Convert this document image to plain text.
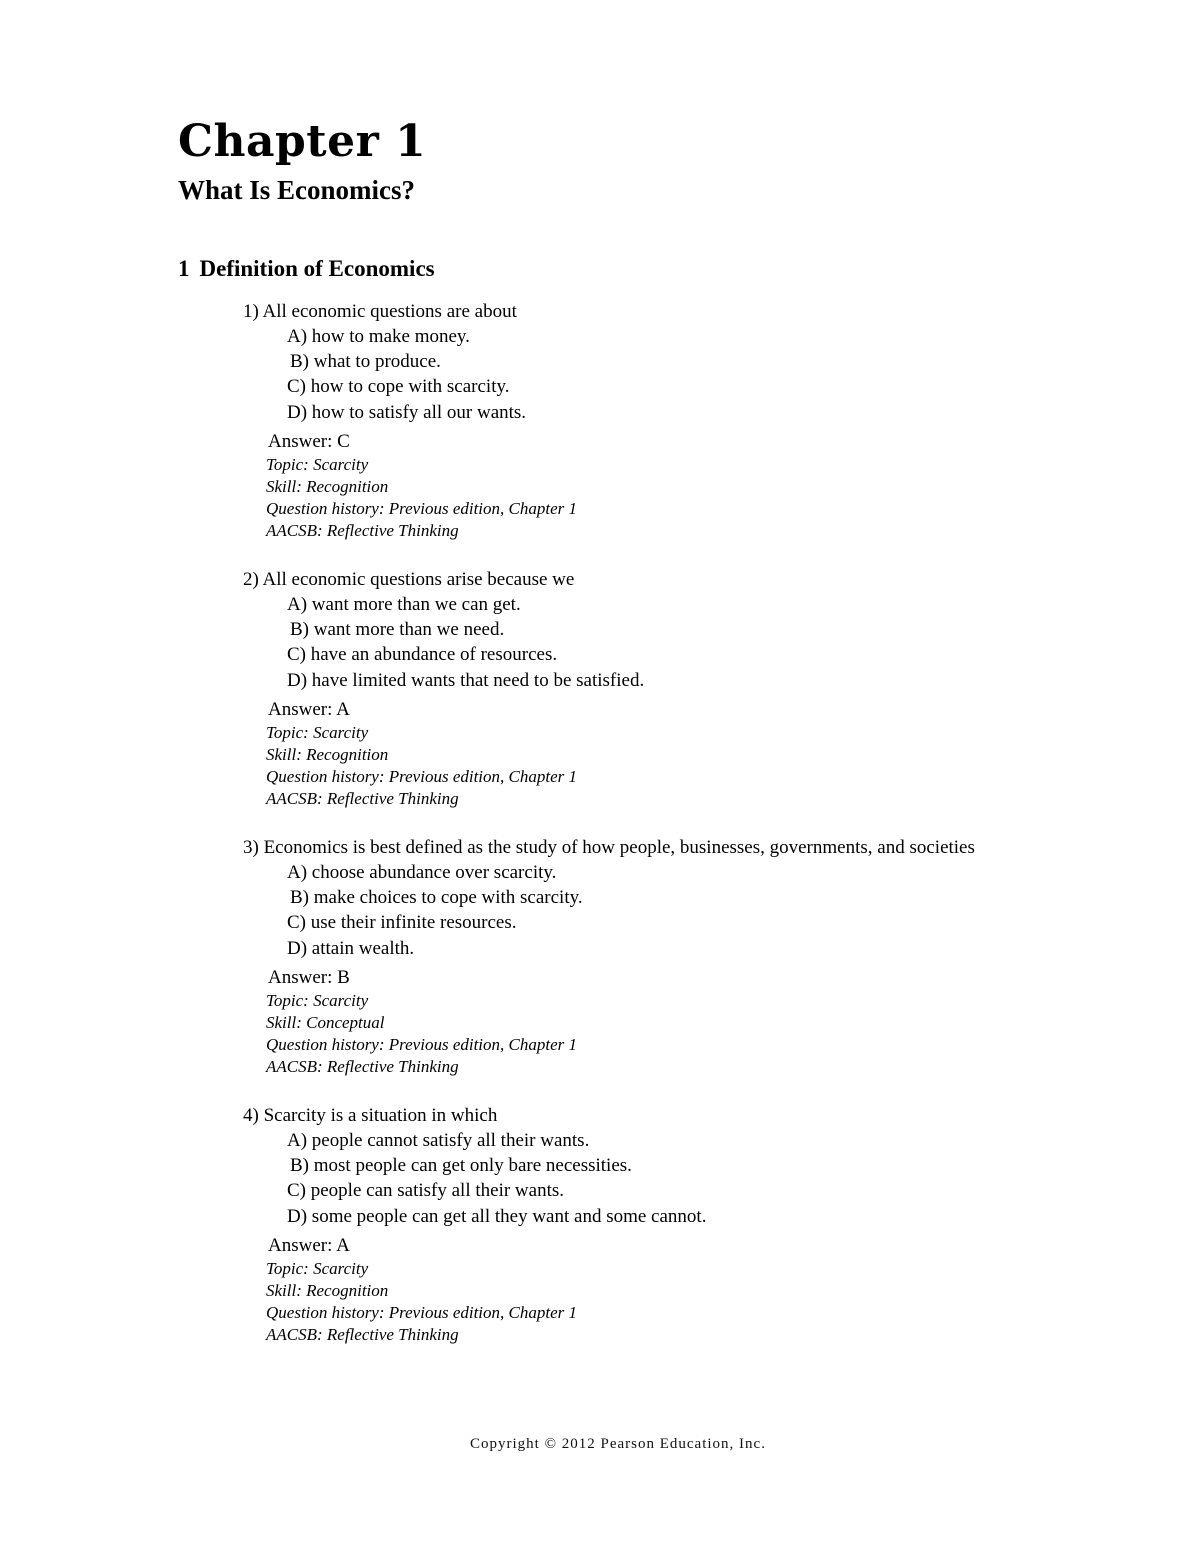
Chapter 1
What Is Economics?
1 Definition of Economics
1) All economic questions are about
A) how to make money.
B) what to produce.
C) how to cope with scarcity.
D) how to satisfy all our wants.
Answer: C
Topic: Scarcity
Skill: Recognition
Question history: Previous edition, Chapter 1
AACSB: Reflective Thinking
2) All economic questions arise because we
A) want more than we can get.
B) want more than we need.
C) have an abundance of resources.
D) have limited wants that need to be satisfied.
Answer: A
Topic: Scarcity
Skill: Recognition
Question history: Previous edition, Chapter 1
AACSB: Reflective Thinking
3) Economics is best defined as the study of how people, businesses, governments, and societies
A) choose abundance over scarcity.
B) make choices to cope with scarcity.
C) use their infinite resources.
D) attain wealth.
Answer: B
Topic: Scarcity
Skill: Conceptual
Question history: Previous edition, Chapter 1
AACSB: Reflective Thinking
4) Scarcity is a situation in which
A) people cannot satisfy all their wants.
B) most people can get only bare necessities.
C) people can satisfy all their wants.
D) some people can get all they want and some cannot.
Answer: A
Topic: Scarcity
Skill: Recognition
Question history: Previous edition, Chapter 1
AACSB: Reflective Thinking
Copyright © 2012 Pearson Education, Inc.
